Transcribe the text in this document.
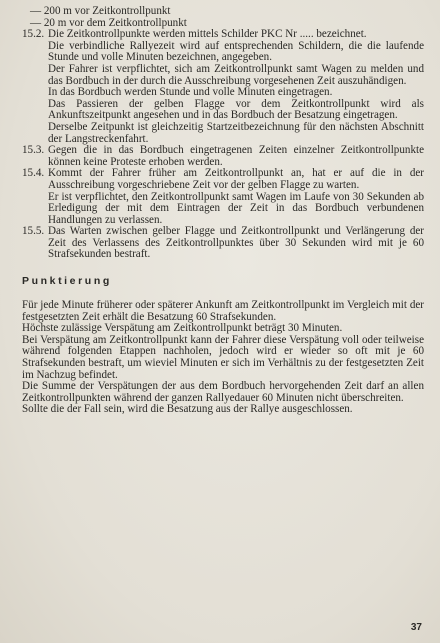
— 200 m vor Zeitkontrollpunkt
— 20 m vor dem Zeitkontrollpunkt
15.2. Die Zeitkontrollpunkte werden mittels Schilder PKC Nr ..... bezeichnet.

Die verbindliche Rallyezeit wird auf entsprechenden Schildern, die die laufende Stunde und volle Minuten bezeichnen, angegeben.

Der Fahrer ist verpflichtet, sich am Zeitkontrollpunkt samt Wagen zu melden und das Bordbuch in der durch die Ausschreibung vorgesehenen Zeit auszuhändigen.

In das Bordbuch werden Stunde und volle Minuten eingetragen.

Das Passieren der gelben Flagge vor dem Zeitkontrollpunkt wird als Ankunftszeitpunkt angesehen und in das Bordbuch der Besatzung eingetragen.

Derselbe Zeitpunkt ist gleichzeitig Startzeitbezeichnung für den nächsten Abschnitt der Langstreckenfahrt.

15.3. Gegen die in das Bordbuch eingetragenen Zeiten einzelner Zeitkontrollpunkte können keine Proteste erhoben werden.

15.4. Kommt der Fahrer früher am Zeitkontrollpunkt an, hat er auf die in der Ausschreibung vorgeschriebene Zeit vor der gelben Flagge zu warten.

Er ist verpflichtet, den Zeitkontrollpunkt samt Wagen im Laufe von 30 Sekunden ab Erledigung der mit dem Eintragen der Zeit in das Bordbuch verbundenen Handlungen zu verlassen.

15.5. Das Warten zwischen gelber Flagge und Zeitkontrollpunkt und Verlängerung der Zeit des Verlassens des Zeitkontrollpunktes über 30 Sekunden wird mit je 60 Strafsekunden bestraft.

Punktierung

Für jede Minute früherer oder späterer Ankunft am Zeitkontrollpunkt im Vergleich mit der festgesetzten Zeit erhält die Besatzung 60 Strafsekunden.

Höchste zulässige Verspätung am Zeitkontrollpunkt beträgt 30 Minuten.

Bei Verspätung am Zeitkontrollpunkt kann der Fahrer diese Verspätung voll oder teilweise während folgenden Etappen nachholen, jedoch wird er wieder so oft mit je 60 Strafsekunden bestraft, um wieviel Minuten er sich im Verhältnis zu der festgesetzten Zeit im Nachzug befindet.

Die Summe der Verspätungen der aus dem Bordbuch hervorgehenden Zeit darf an allen Zeitkontrollpunkten während der ganzen Rallyedauer 60 Minuten nicht überschreiten.

Sollte die der Fall sein, wird die Besatzung aus der Rallye ausgeschlossen.

37
